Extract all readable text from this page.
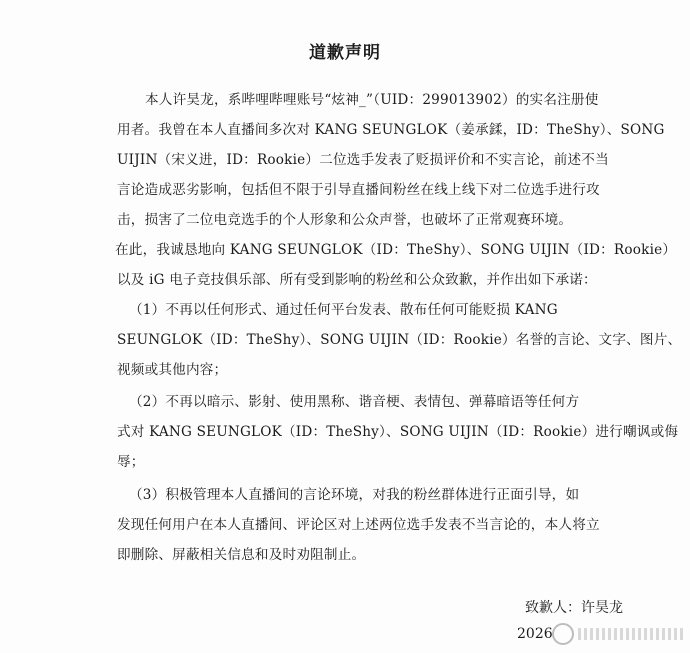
道歉声明
本人许昊龙，系哔哩哔哩账号“炫神_”（UID：299013902）的实名注册使
用者。我曾在本人直播间多次对 KANG SEUNGLOK（姜承鍒，ID：TheShy）、SONG
UIJIN（宋义进，ID：Rookie）二位选手发表了贬损评价和不实言论，前述不当
言论造成恶劣影响，包括但不限于引导直播间粉丝在线上线下对二位选手进行攻
击，损害了二位电竞选手的个人形象和公众声誉，也破坏了正常观赛环境。
在此，我诚恳地向 KANG SEUNGLOK（ID：TheShy）、SONG UIJIN（ID：Rookie）
以及 iG 电子竞技俱乐部、所有受到影响的粉丝和公众致歉，并作出如下承诺：
（1）不再以任何形式、通过任何平台发表、散布任何可能贬损 KANG
SEUNGLOK（ID：TheShy）、SONG UIJIN（ID：Rookie）名誉的言论、文字、图片、
视频或其他内容；
（2）不再以暗示、影射、使用黑称、谐音梗、表情包、弹幕暗语等任何方
式对 KANG SEUNGLOK（ID：TheShy）、SONG UIJIN（ID：Rookie）进行嘲讽或侮
辱；
（3）积极管理本人直播间的言论环境，对我的粉丝群体进行正面引导，如
发现任何用户在本人直播间、评论区对上述两位选手发表不当言论的，本人将立
即删除、屏蔽相关信息和及时劝阻制止。
致歉人：许昊龙
2026
